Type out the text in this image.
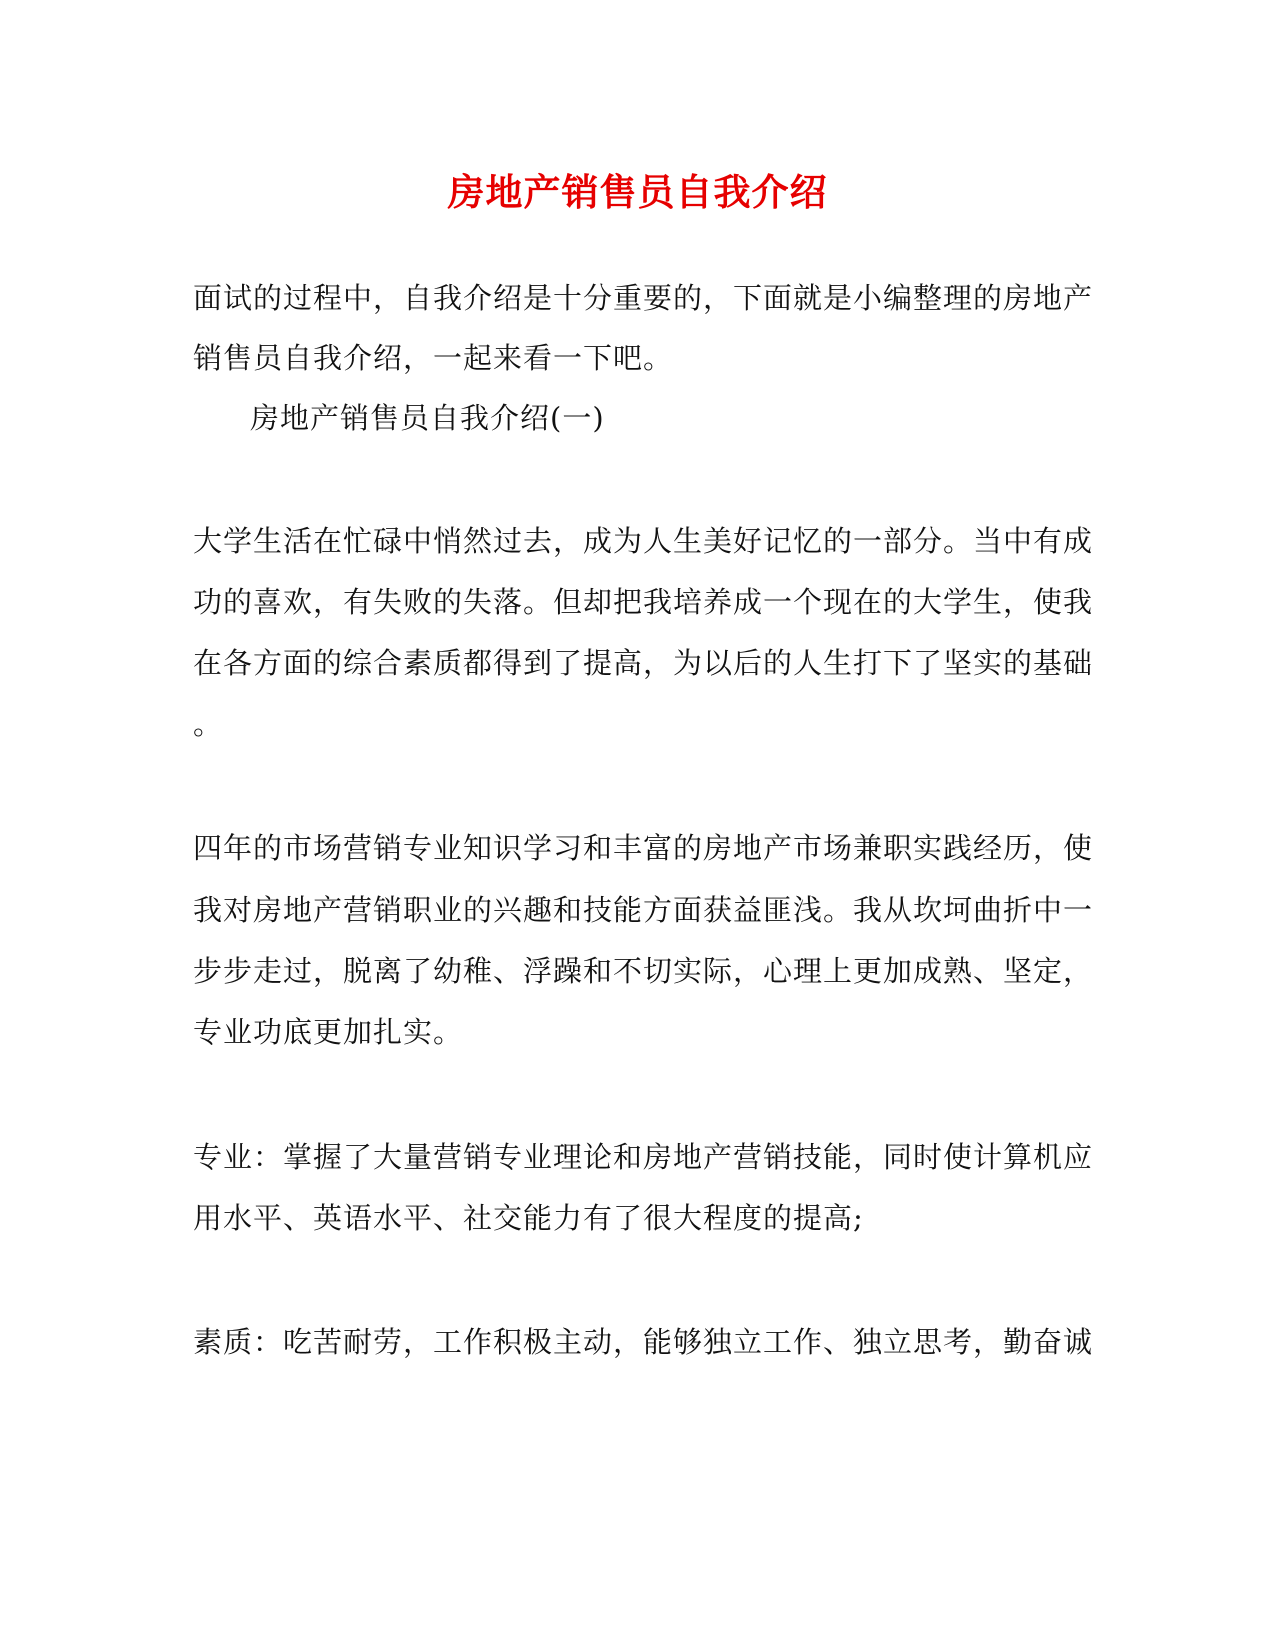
房地产销售员自我介绍
面试的过程中，自我介绍是十分重要的，下面就是小编整理的房地产
销售员自我介绍，一起来看一下吧。
房地产销售员自我介绍(一)
大学生活在忙碌中悄然过去，成为人生美好记忆的一部分。当中有成
功的喜欢，有失败的失落。但却把我培养成一个现在的大学生，使我
在各方面的综合素质都得到了提高，为以后的人生打下了坚实的基础
。
四年的市场营销专业知识学习和丰富的房地产市场兼职实践经历，使
我对房地产营销职业的兴趣和技能方面获益匪浅。我从坎坷曲折中一
步步走过，脱离了幼稚、浮躁和不切实际，心理上更加成熟、坚定，
专业功底更加扎实。
专业：掌握了大量营销专业理论和房地产营销技能，同时使计算机应
用水平、英语水平、社交能力有了很大程度的提高;
素质：吃苦耐劳，工作积极主动，能够独立工作、独立思考，勤奋诚
